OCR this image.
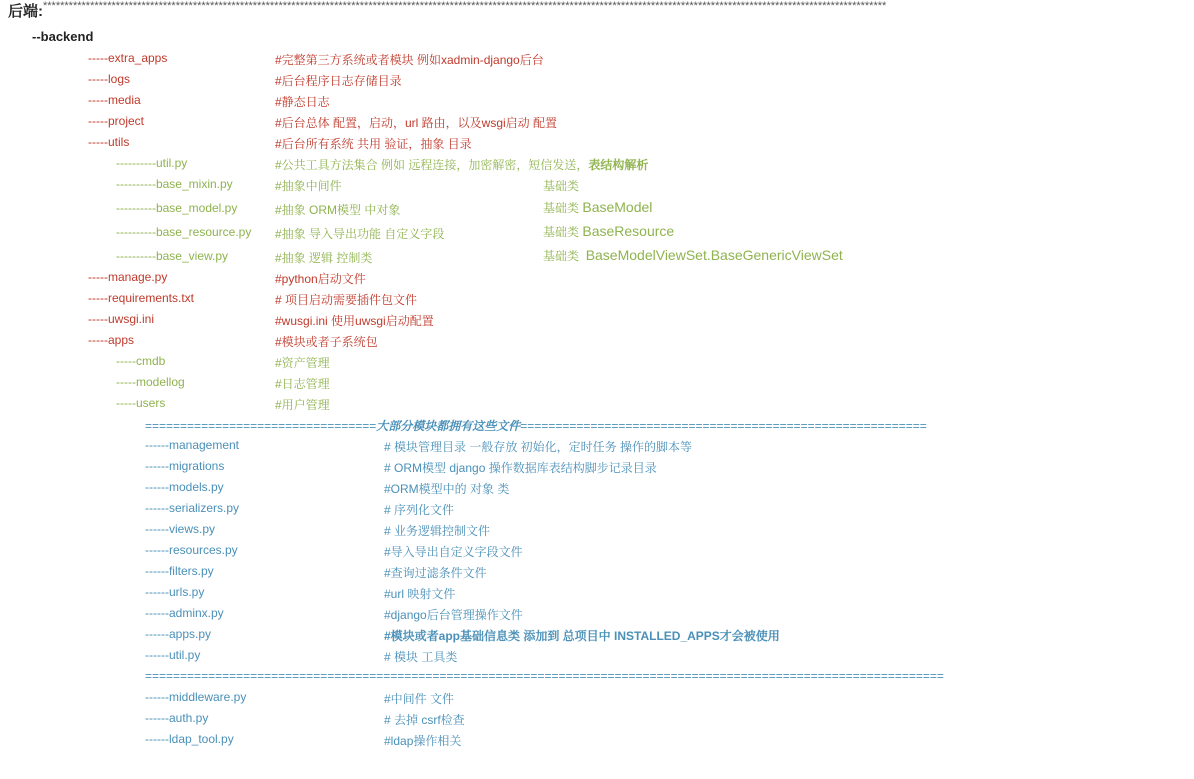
后端:*****************************************************************************************************************************************************************************************************
--backend
-----extra_apps	#完整第三方系统或者模块 例如xadmin-django后台
-----logs	#后台程序日志存储目录
-----media	#静态日志
-----project	#后台总体 配置，启动，url 路由，以及wsgi启动 配置
-----utils	#后台所有系统 共用 验证，抽象 目录
----------util.py	#公共工具方法集合 例如 远程连接，加密解密，短信发送，表结构解析
----------base_mixin.py	#抽象中间件	基础类
----------base_model.py	#抽象 ORM模型 中对象	基础类 BaseModel
----------base_resource.py #抽象 导入导出功能 自定义字段	基础类 BaseResource
----------base_view.py	#抽象 逻辑 控制类	基础类 BaseModelViewSet.BaseGenericViewSet
-----manage.py	#python启动文件
-----requirements.txt	# 项目启动需要插件包文件
-----uwsgi.ini	#wusgi.ini 使用uwsgi启动配置
-----apps	#模块或者子系统包
-----cmdb	#资产管理
-----modellog	#日志管理
-----users	#用户管理
=================================大部分模块都拥有这些文件==========================================================
------management	# 模块管理目录 一般存放 初始化，定时任务 操作的脚本等
------migrations	# ORM模型 django 操作数据库表结构脚步记录目录
------models.py	#ORM模型中的 对象 类
------serializers.py	# 序列化文件
------views.py	# 业务逻辑控制文件
------resources.py	#导入导出自定义字段文件
------filters.py	#查询过滤条件文件
------urls.py	#url 映射文件
------adminx.py	#django后台管理操作文件
------apps.py	#模块或者app基础信息类 添加到 总项目中 INSTALLED_APPS才会被使用
------util.py	# 模块 工具类
==================================================================================================================
------middleware.py	#中间件 文件
------auth.py	# 去掉 csrf检查
------ldap_tool.py	#ldap操作相关
